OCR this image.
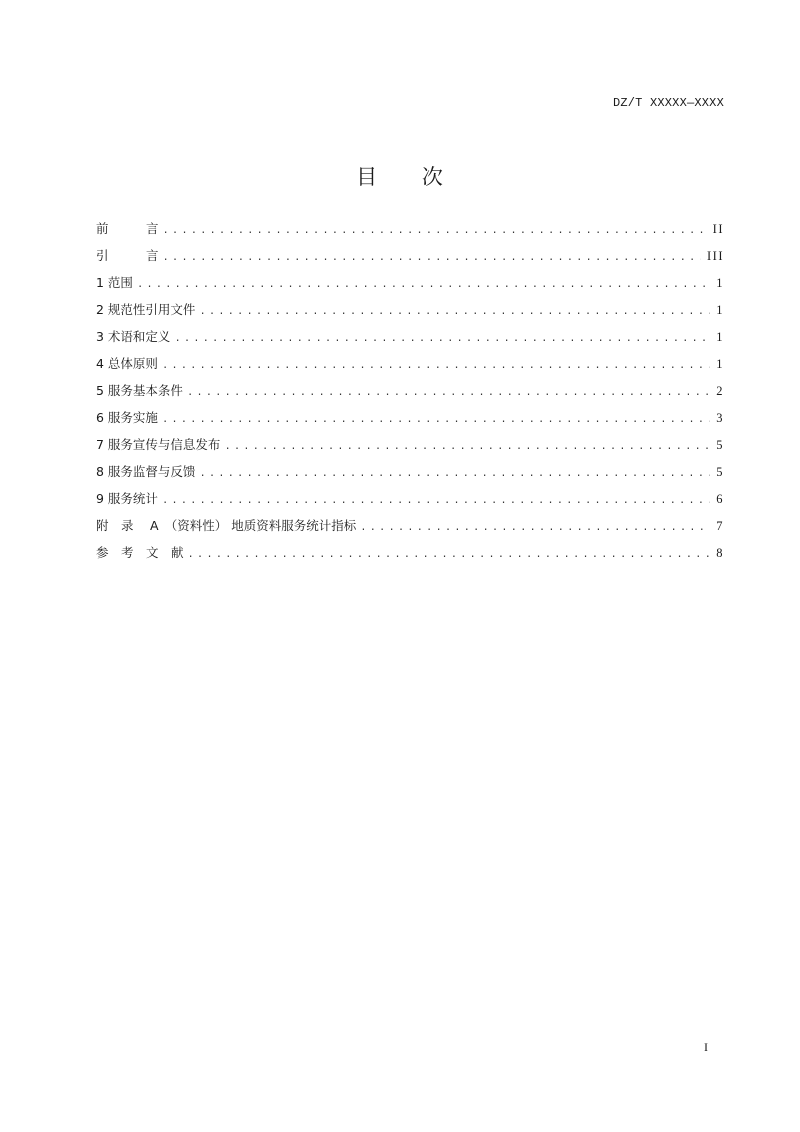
DZ/T XXXXX—XXXX
目 次
前　　　言 .....	II
引　　　言 .....	III
1 范围 .....	1
2 规范性引用文件 .....	1
3 术语和定义 .....	1
4 总体原则 .....	1
5 服务基本条件 .....	2
6 服务实施 .....	3
7 服务宣传与信息发布 .....	5
8 服务监督与反馈 .....	5
9 服务统计 .....	6
附　录　 A　（资料性） 地质资料服务统计指标 .....	7
参　考　文　献 .....	8
I
